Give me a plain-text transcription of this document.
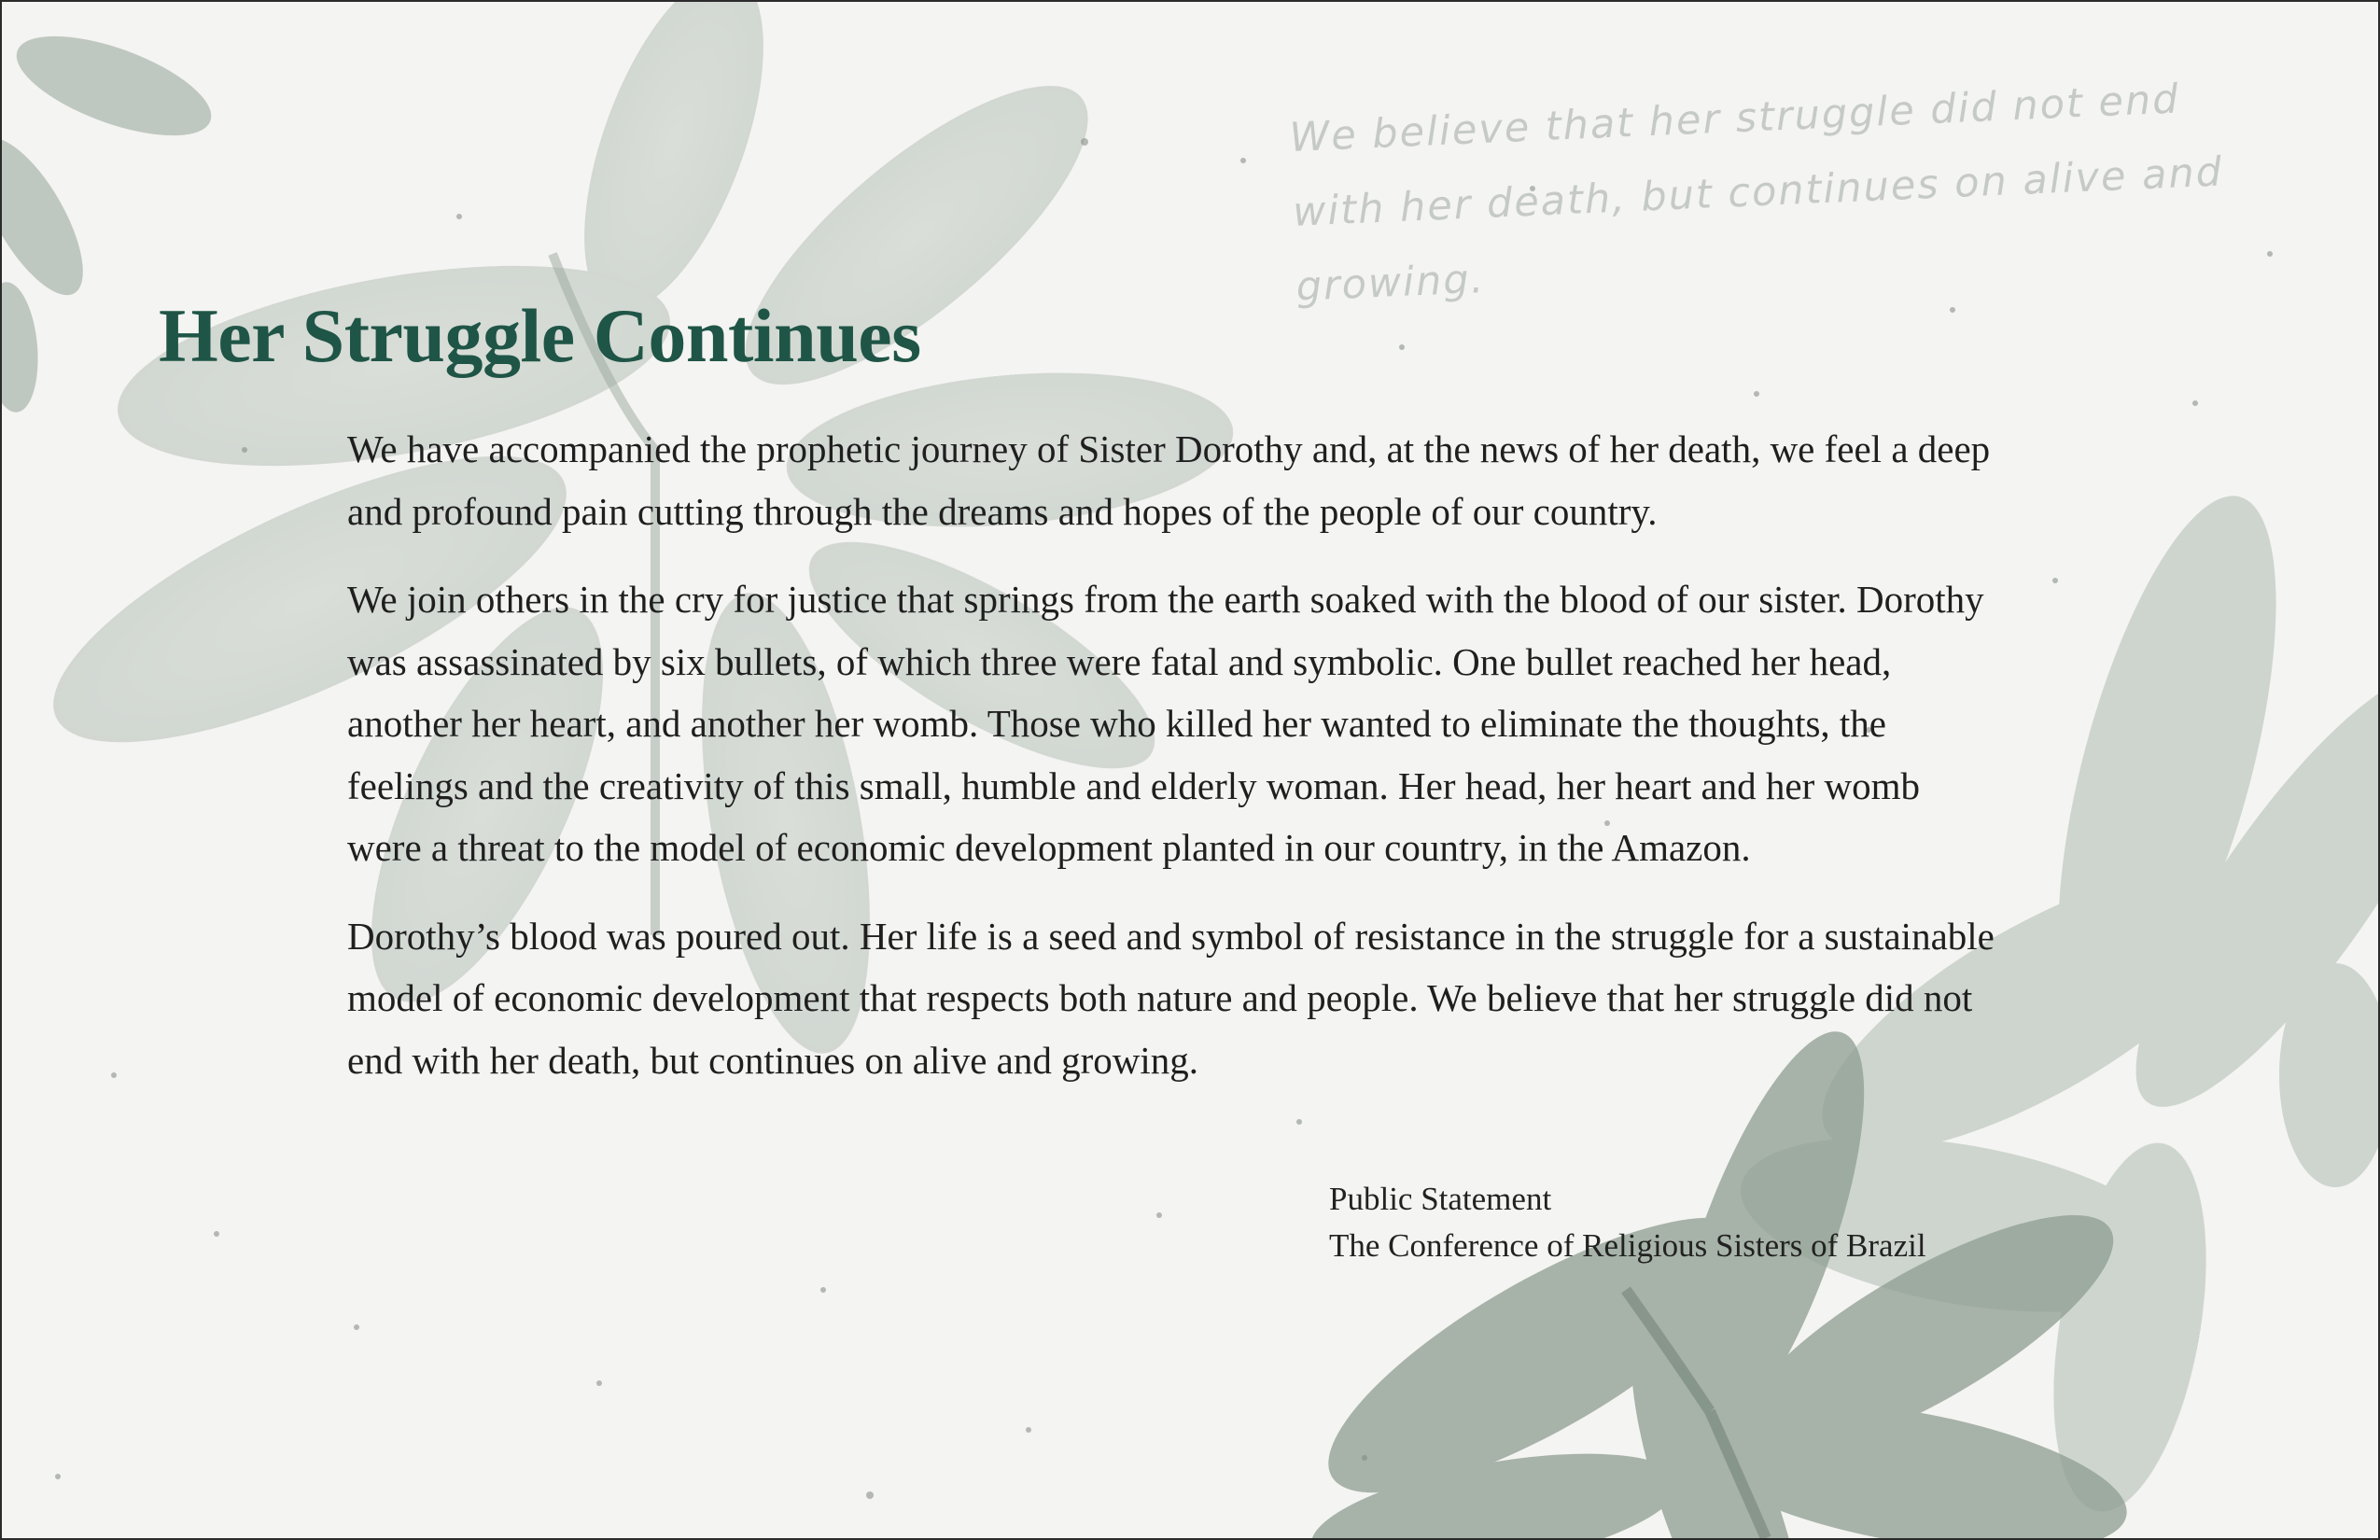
We believe that her struggle did not end with her death, but continues on alive and growing.
Her Struggle Continues

We have accompanied the prophetic journey of Sister Dorothy and, at the news of her death, we feel a deep and profound pain cutting through the dreams and hopes of the people of our country.

We join others in the cry for justice that springs from the earth soaked with the blood of our sister. Dorothy was assassinated by six bullets, of which three were fatal and symbolic. One bullet reached her head, another her heart, and another her womb. Those who killed her wanted to eliminate the thoughts, the feelings and the creativity of this small, humble and elderly woman. Her head, her heart and her womb were a threat to the model of economic development planted in our country, in the Amazon.

Dorothy’s blood was poured out. Her life is a seed and symbol of resistance in the struggle for a sustainable model of economic development that respects both nature and people. We believe that her struggle did not end with her death, but continues on alive and growing.

Public Statement
The Conference of Religious Sisters of Brazil
